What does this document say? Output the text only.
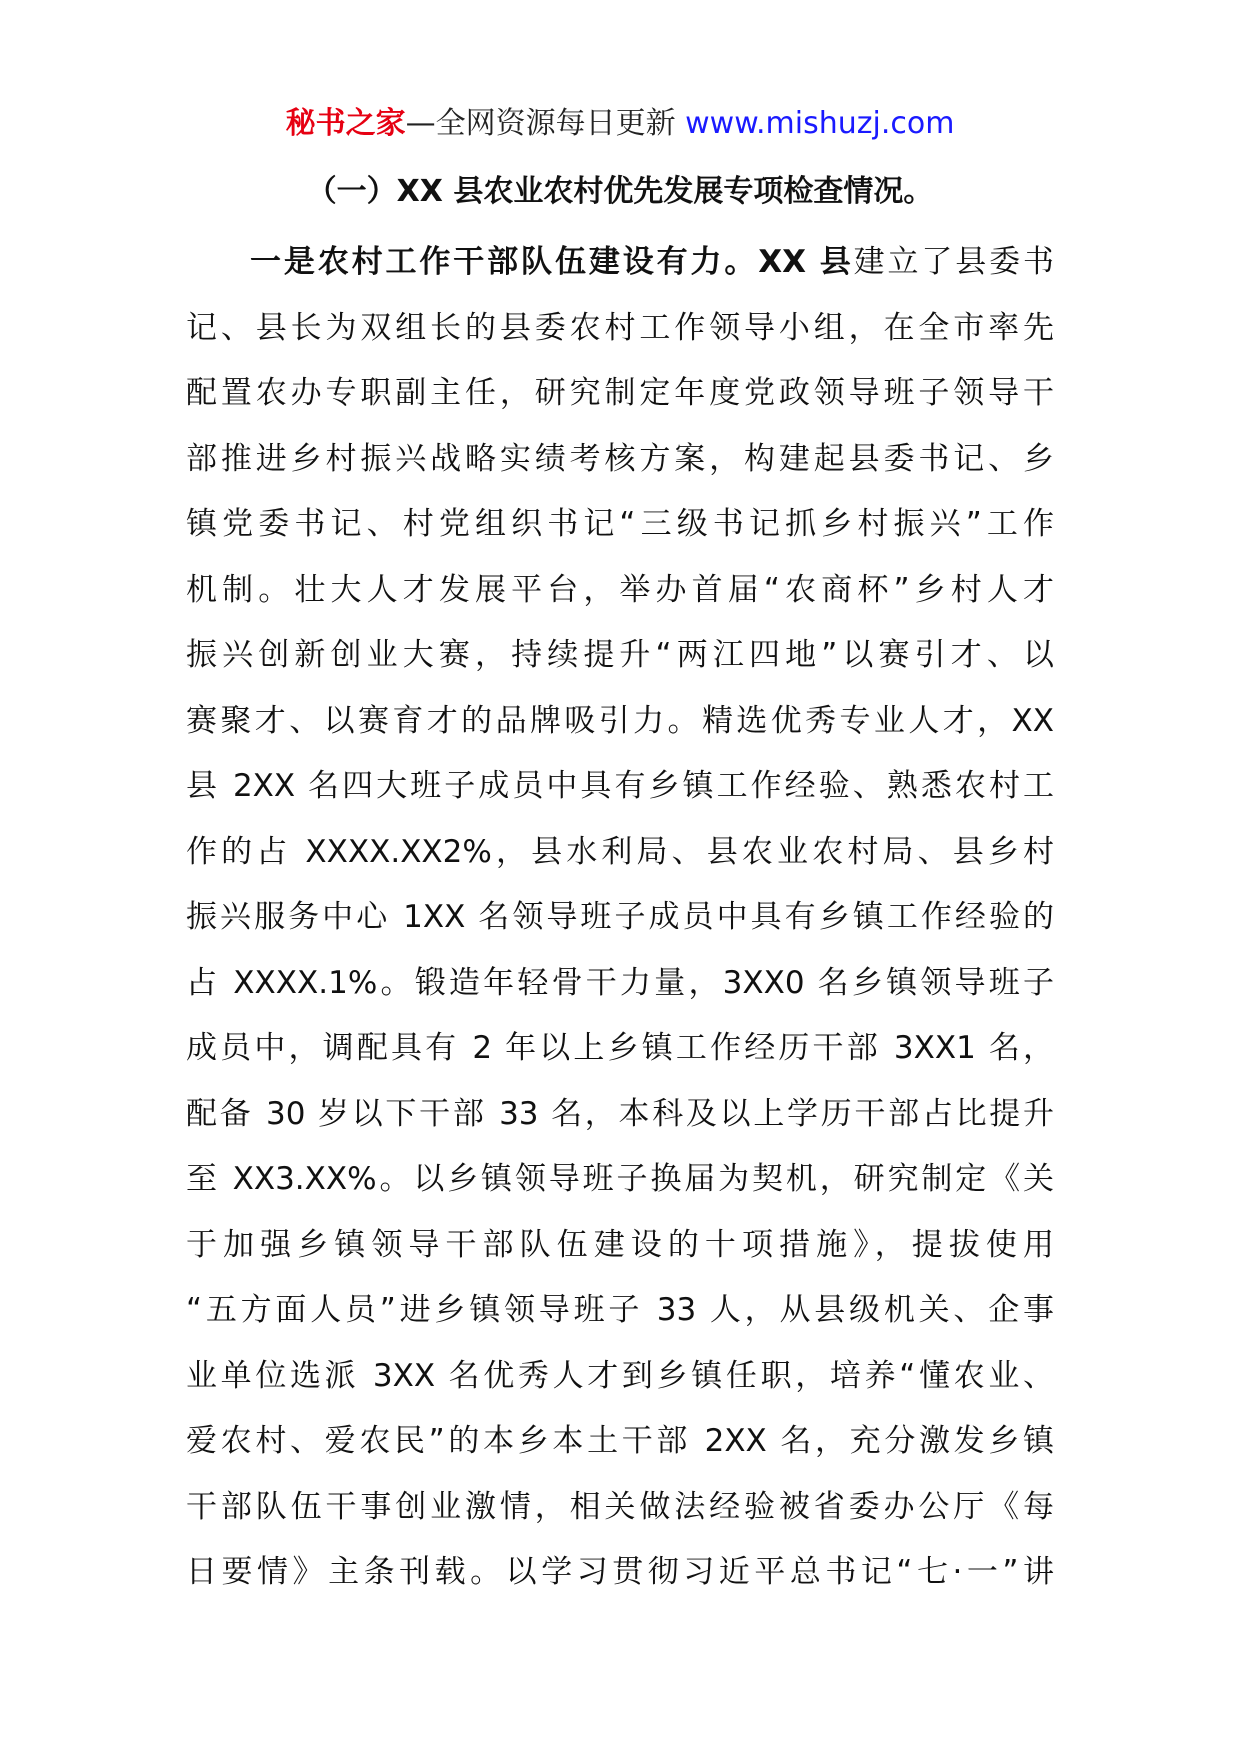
秘书之家—全网资源每日更新 www.mishuzj.com
（一）XX 县农业农村优先发展专项检查情况。
一是农村工作干部队伍建设有力。XX 县建立了县委书
记、县长为双组长的县委农村工作领导小组，在全市率先
配置农办专职副主任，研究制定年度党政领导班子领导干
部推进乡村振兴战略实绩考核方案，构建起县委书记、乡
镇党委书记、村党组织书记“三级书记抓乡村振兴”工作
机制。壮大人才发展平台，举办首届“农商杯”乡村人才
振兴创新创业大赛，持续提升“两江四地”以赛引才、以
赛聚才、以赛育才的品牌吸引力。精选优秀专业人才，XX
县 2XX 名四大班子成员中具有乡镇工作经验、熟悉农村工
作的占 XXXX.XX2%，县水利局、县农业农村局、县乡村
振兴服务中心 1XX 名领导班子成员中具有乡镇工作经验的
占 XXXX.1%。锻造年轻骨干力量，3XX0 名乡镇领导班子
成员中，调配具有 2 年以上乡镇工作经历干部 3XX1 名，
配备 30 岁以下干部 33 名，本科及以上学历干部占比提升
至 XX3.XX%。以乡镇领导班子换届为契机，研究制定《关
于加强乡镇领导干部队伍建设的十项措施》，提拔使用
“五方面人员”进乡镇领导班子 33 人，从县级机关、企事
业单位选派 3XX 名优秀人才到乡镇任职，培养“懂农业、
爱农村、爱农民”的本乡本土干部 2XX 名，充分激发乡镇
干部队伍干事创业激情，相关做法经验被省委办公厅《每
日要情》主条刊载。以学习贯彻习近平总书记“七·一”讲
